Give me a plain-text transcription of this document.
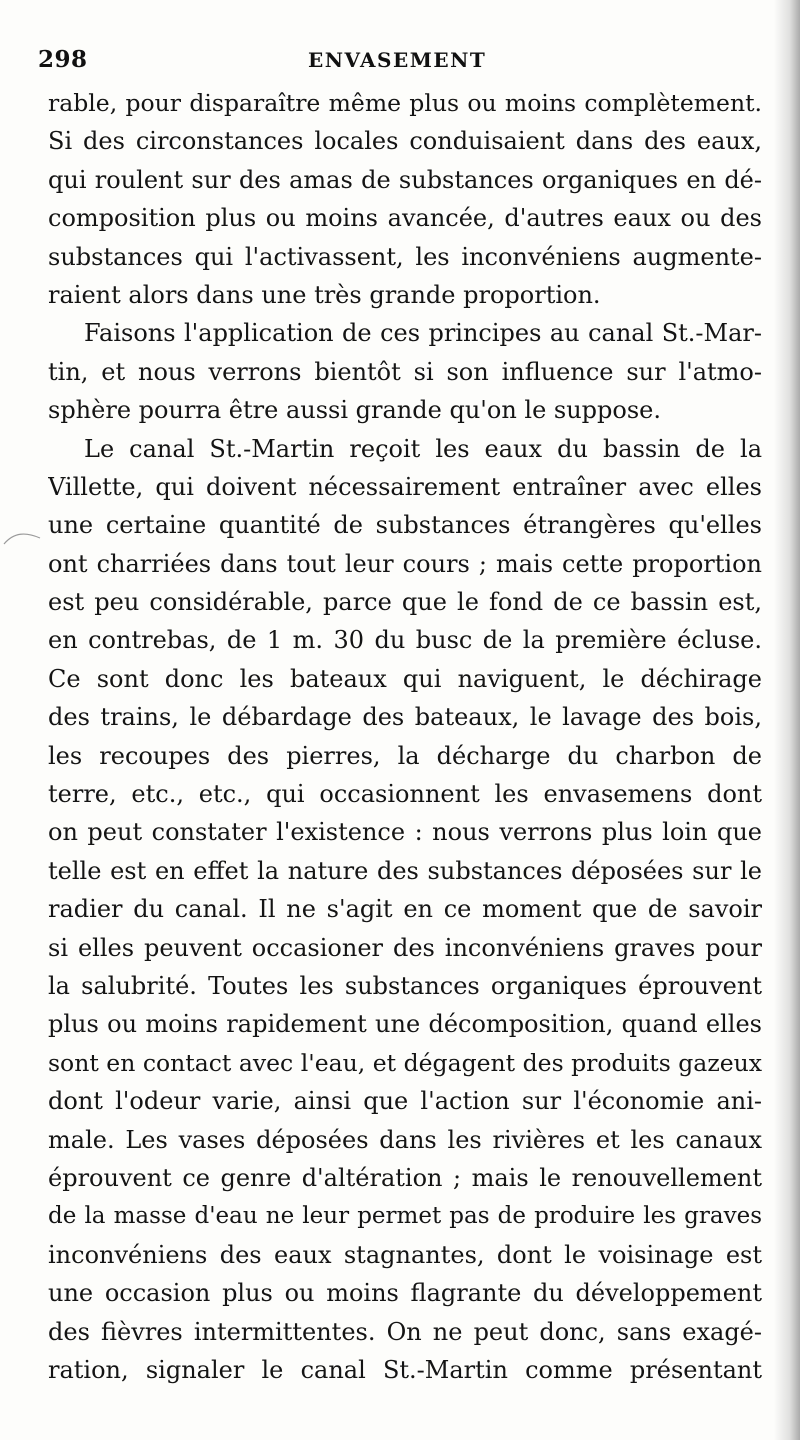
298	ENVASEMENT
rable, pour disparaître même plus ou moins complètement.
Si des circonstances locales conduisaient dans des eaux,
qui roulent sur des amas de substances organiques en dé-
composition plus ou moins avancée, d'autres eaux ou des
substances qui l'activassent, les inconvéniens augmente-
raient alors dans une très grande proportion.
Faisons l'application de ces principes au canal St.-Mar-
tin, et nous verrons bientôt si son influence sur l'atmo-
sphère pourra être aussi grande qu'on le suppose.
Le canal St.-Martin reçoit les eaux du bassin de la
Villette, qui doivent nécessairement entraîner avec elles
une certaine quantité de substances étrangères qu'elles
ont charriées dans tout leur cours ; mais cette proportion
est peu considérable, parce que le fond de ce bassin est,
en contrebas, de 1 m. 30 du busc de la première écluse.
Ce sont donc les bateaux qui naviguent, le déchirage
des trains, le débardage des bateaux, le lavage des bois,
les recoupes des pierres, la décharge du charbon de
terre, etc., etc., qui occasionnent les envasemens dont
on peut constater l'existence : nous verrons plus loin que
telle est en effet la nature des substances déposées sur le
radier du canal. Il ne s'agit en ce moment que de savoir
si elles peuvent occasioner des inconvéniens graves pour
la salubrité. Toutes les substances organiques éprouvent
plus ou moins rapidement une décomposition, quand elles
sont en contact avec l'eau, et dégagent des produits gazeux
dont l'odeur varie, ainsi que l'action sur l'économie ani-
male. Les vases déposées dans les rivières et les canaux
éprouvent ce genre d'altération ; mais le renouvellement
de la masse d'eau ne leur permet pas de produire les graves
inconvéniens des eaux stagnantes, dont le voisinage est
une occasion plus ou moins flagrante du développement
des fièvres intermittentes. On ne peut donc, sans exagé-
ration, signaler le canal St.-Martin comme présentant
